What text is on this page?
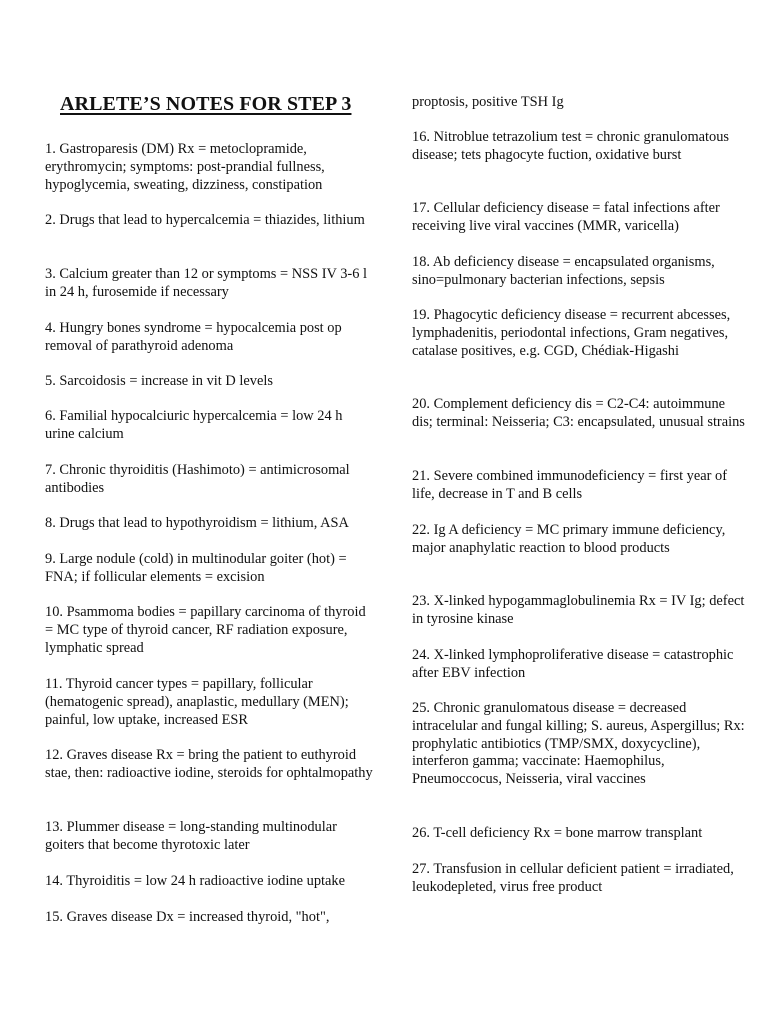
ARLETE’S NOTES FOR STEP 3

1. Gastroparesis (DM) Rx = metoclopramide, erythromycin; symptoms: post-prandial fullness, hypoglycemia, sweating, dizziness, constipation

2. Drugs that lead to hypercalcemia = thiazides, lithium

3. Calcium greater than 12 or symptoms = NSS IV 3-6 l in 24 h, furosemide if necessary

4. Hungry bones syndrome = hypocalcemia post op removal of parathyroid adenoma

5. Sarcoidosis = increase in vit D levels

6. Familial hypocalciuric hypercalcemia = low 24 h urine calcium

7. Chronic thyroiditis (Hashimoto) = antimicrosomal antibodies

8. Drugs that lead to hypothyroidism = lithium, ASA

9. Large nodule (cold) in multinodular goiter (hot) = FNA; if follicular elements = excision

10. Psammoma bodies = papillary carcinoma of thyroid = MC type of thyroid cancer, RF radiation exposure, lymphatic spread

11. Thyroid cancer types = papillary, follicular (hematogenic spread), anaplastic, medullary (MEN); painful, low uptake, increased ESR

12. Graves disease Rx = bring the patient to euthyroid stae, then: radioactive iodine, steroids for ophtalmopathy

13. Plummer disease = long-standing multinodular goiters that become thyrotoxic later

14. Thyroiditis = low 24 h radioactive iodine uptake

15. Graves disease Dx = increased thyroid, "hot",

proptosis, positive TSH Ig

16. Nitroblue tetrazolium test = chronic granulomatous disease; tets phagocyte fuction, oxidative burst

17. Cellular deficiency disease = fatal infections after receiving live viral vaccines (MMR, varicella)

18. Ab deficiency disease = encapsulated organisms, sino=pulmonary bacterian infections, sepsis

19. Phagocytic deficiency disease = recurrent abcesses, lymphadenitis, periodontal infections, Gram negatives, catalase positives, e.g. CGD, Chédiak-Higashi

20. Complement deficiency dis = C2-C4: autoimmune dis; terminal: Neisseria; C3: encapsulated, unusual strains

21. Severe combined immunodeficiency = first year of life, decrease in T and B cells

22. Ig A deficiency = MC primary immune deficiency, major anaphylatic reaction to blood products

23. X-linked hypogammaglobulinemia Rx = IV Ig; defect in tyrosine kinase

24. X-linked lymphoproliferative disease = catastrophic after EBV infection

25. Chronic granulomatous disease = decreased intracelular and fungal killing; S. aureus, Aspergillus; Rx: prophylatic antibiotics (TMP/SMX, doxycycline), interferon gamma; vaccinate: Haemophilus, Pneumoccocus, Neisseria, viral vaccines

26. T-cell deficiency Rx = bone marrow transplant

27. Transfusion in cellular deficient patient = irradiated, leukodepleted, virus free product
